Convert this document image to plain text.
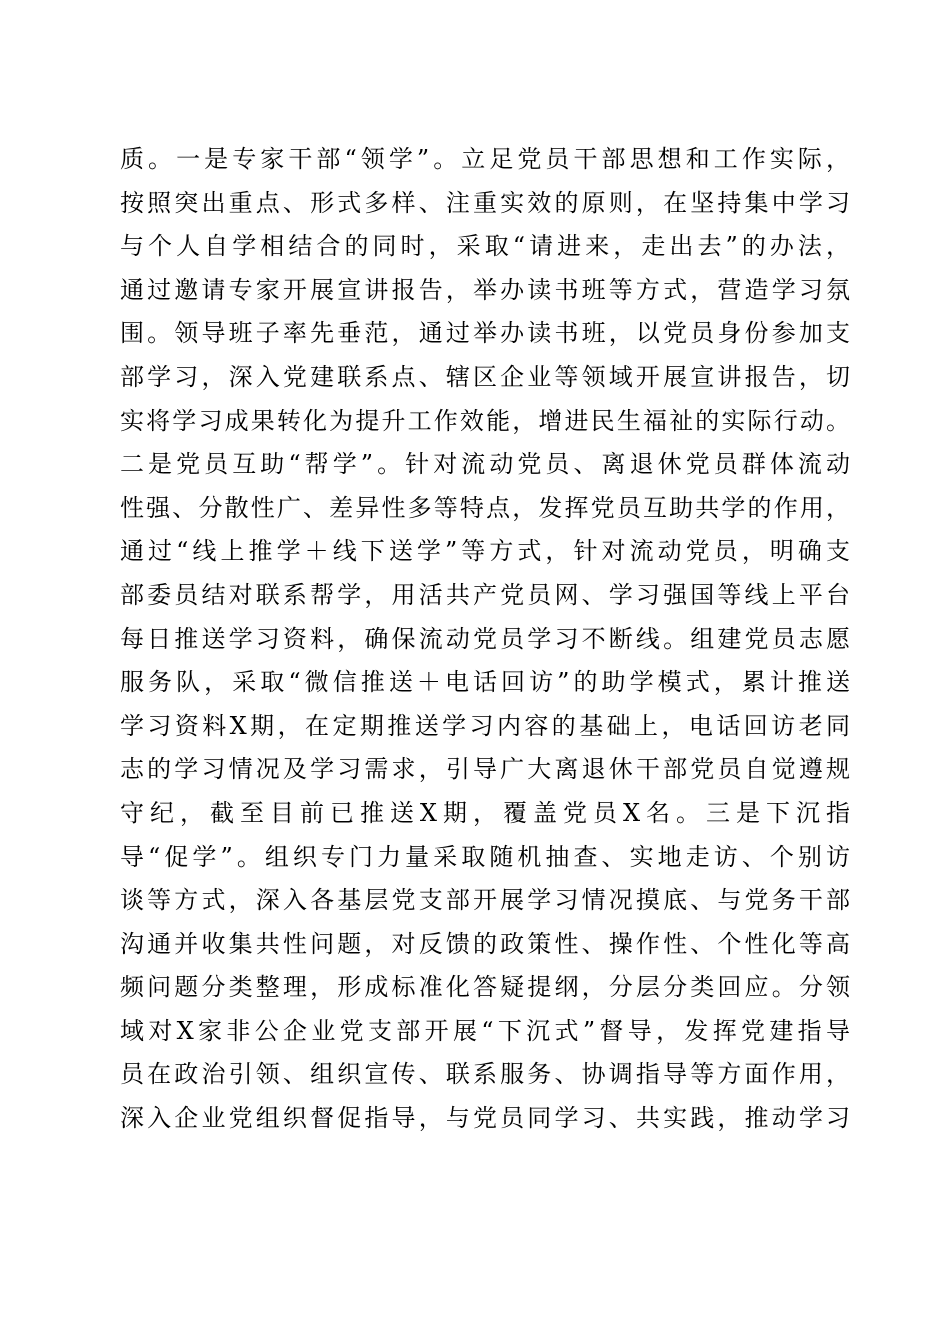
质。一是专家干部“领学”。立足党员干部思想和工作实际，
按照突出重点、形式多样、注重实效的原则，在坚持集中学习
与个人自学相结合的同时，采取“请进来，走出去”的办法，
通过邀请专家开展宣讲报告，举办读书班等方式，营造学习氛
围。领导班子率先垂范，通过举办读书班，以党员身份参加支
部学习，深入党建联系点、辖区企业等领域开展宣讲报告，切
实将学习成果转化为提升工作效能，增进民生福祉的实际行动。
二是党员互助“帮学”。针对流动党员、离退休党员群体流动
性强、分散性广、差异性多等特点，发挥党员互助共学的作用，
通过“线上推学＋线下送学”等方式，针对流动党员，明确支
部委员结对联系帮学，用活共产党员网、学习强国等线上平台
每日推送学习资料，确保流动党员学习不断线。组建党员志愿
服务队，采取“微信推送＋电话回访”的助学模式，累计推送
学习资料X期，在定期推送学习内容的基础上，电话回访老同
志的学习情况及学习需求，引导广大离退休干部党员自觉遵规
守纪，截至目前已推送X期，覆盖党员X名。三是下沉指
导“促学”。组织专门力量采取随机抽查、实地走访、个别访
谈等方式，深入各基层党支部开展学习情况摸底、与党务干部
沟通并收集共性问题，对反馈的政策性、操作性、个性化等高
频问题分类整理，形成标准化答疑提纲，分层分类回应。分领
域对X家非公企业党支部开展“下沉式”督导，发挥党建指导
员在政治引领、组织宣传、联系服务、协调指导等方面作用，
深入企业党组织督促指导，与党员同学习、共实践，推动学习
